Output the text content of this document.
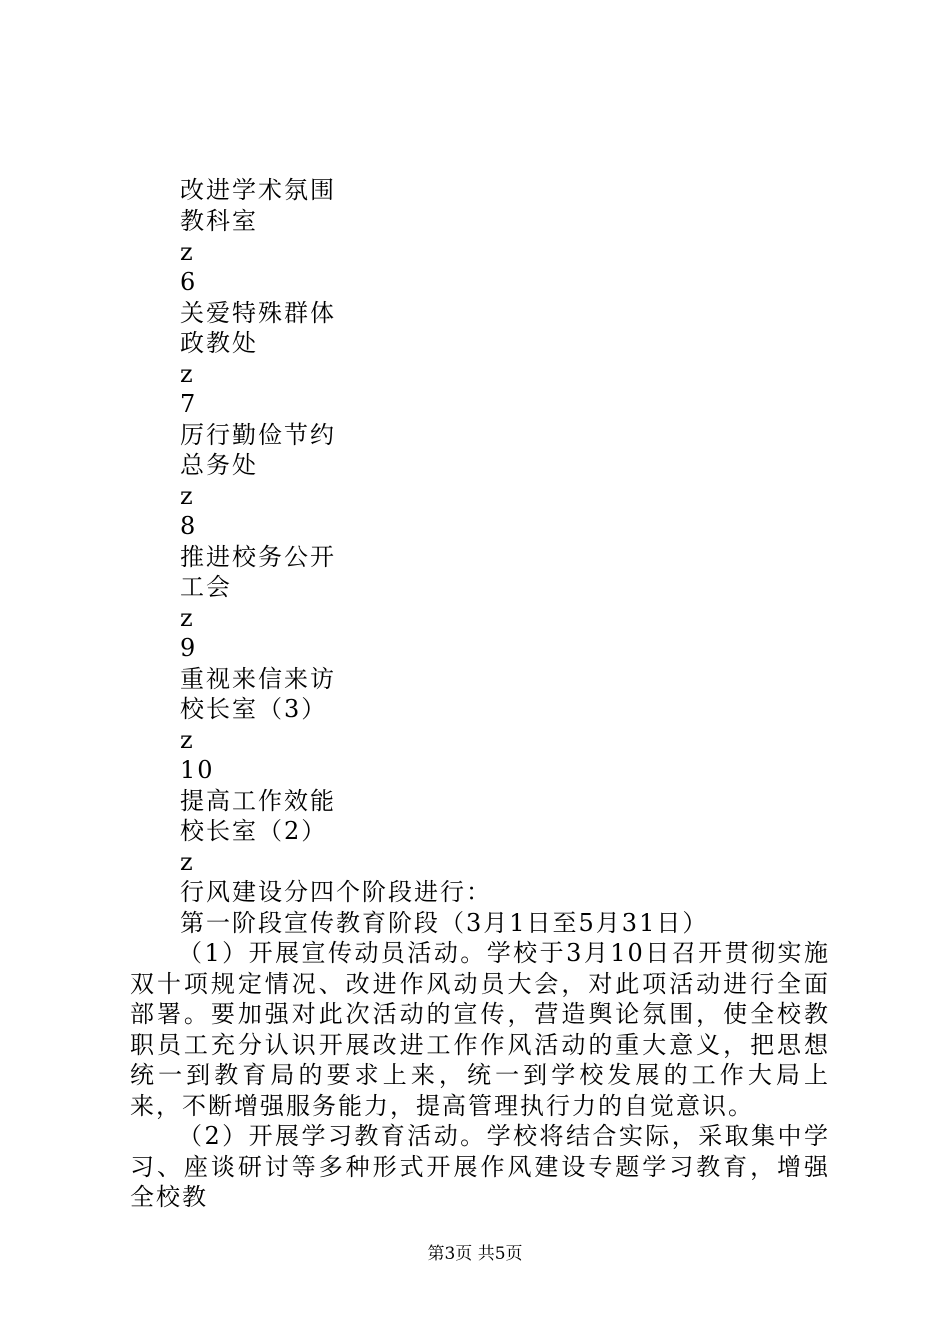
改进学术氛围
教科室
z
6
关爱特殊群体
政教处
z
7
厉行勤俭节约
总务处
z
8
推进校务公开
工会
z
9
重视来信来访
校长室（3）
z
10
提高工作效能
校长室（2）
z
行风建设分四个阶段进行：
第一阶段宣传教育阶段（3月1日至5月31日）
（1）开展宣传动员活动。学校于3月10日召开贯彻实施双十项规定情况、改进作风动员大会，对此项活动进行全面部署。要加强对此次活动的宣传，营造舆论氛围，使全校教职员工充分认识开展改进工作作风活动的重大意义，把思想统一到教育局的要求上来，统一到学校发展的工作大局上来，不断增强服务能力，提高管理执行力的自觉意识。
（2）开展学习教育活动。学校将结合实际，采取集中学习、座谈研讨等多种形式开展作风建设专题学习教育，增强全校教
第3页 共5页
